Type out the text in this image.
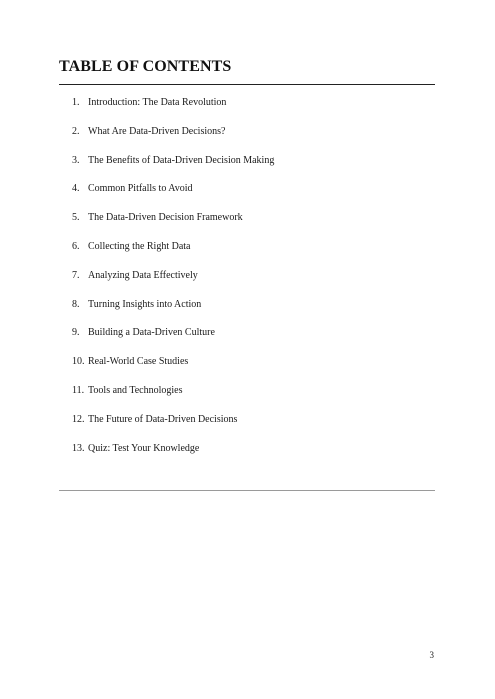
TABLE OF CONTENTS
1. Introduction: The Data Revolution
2. What Are Data-Driven Decisions?
3. The Benefits of Data-Driven Decision Making
4. Common Pitfalls to Avoid
5. The Data-Driven Decision Framework
6. Collecting the Right Data
7. Analyzing Data Effectively
8. Turning Insights into Action
9. Building a Data-Driven Culture
10. Real-World Case Studies
11. Tools and Technologies
12. The Future of Data-Driven Decisions
13. Quiz: Test Your Knowledge
3
